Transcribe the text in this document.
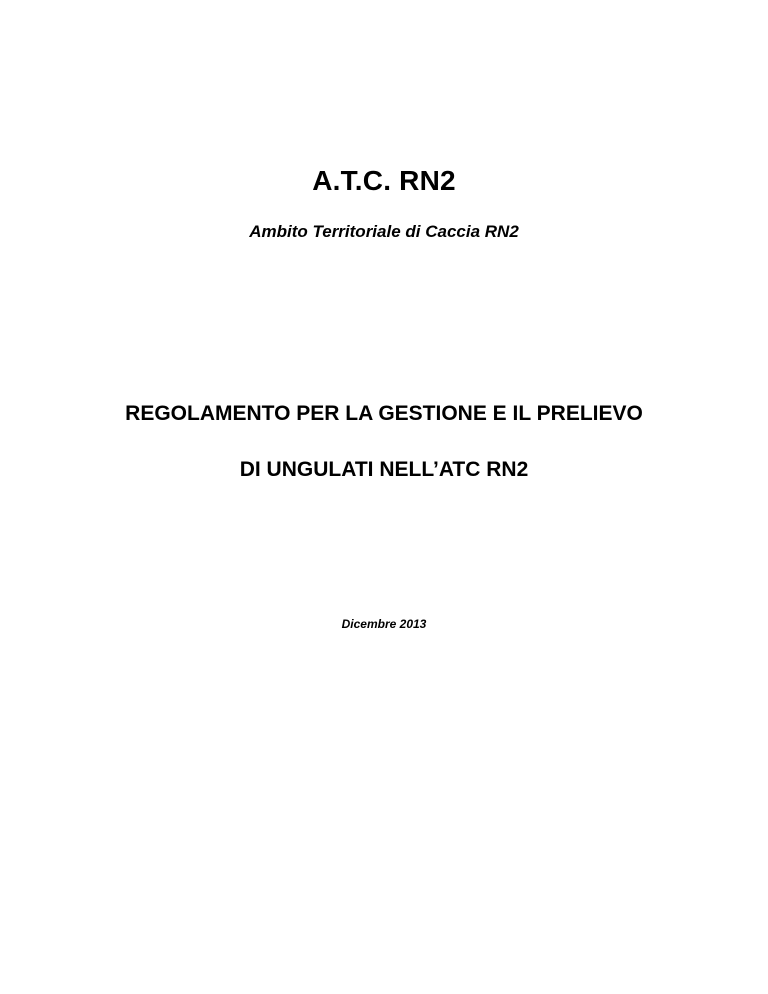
A.T.C. RN2

Ambito Territoriale di Caccia RN2

REGOLAMENTO PER LA GESTIONE E IL PRELIEVO
DI UNGULATI NELL’ATC RN2

Dicembre 2013
